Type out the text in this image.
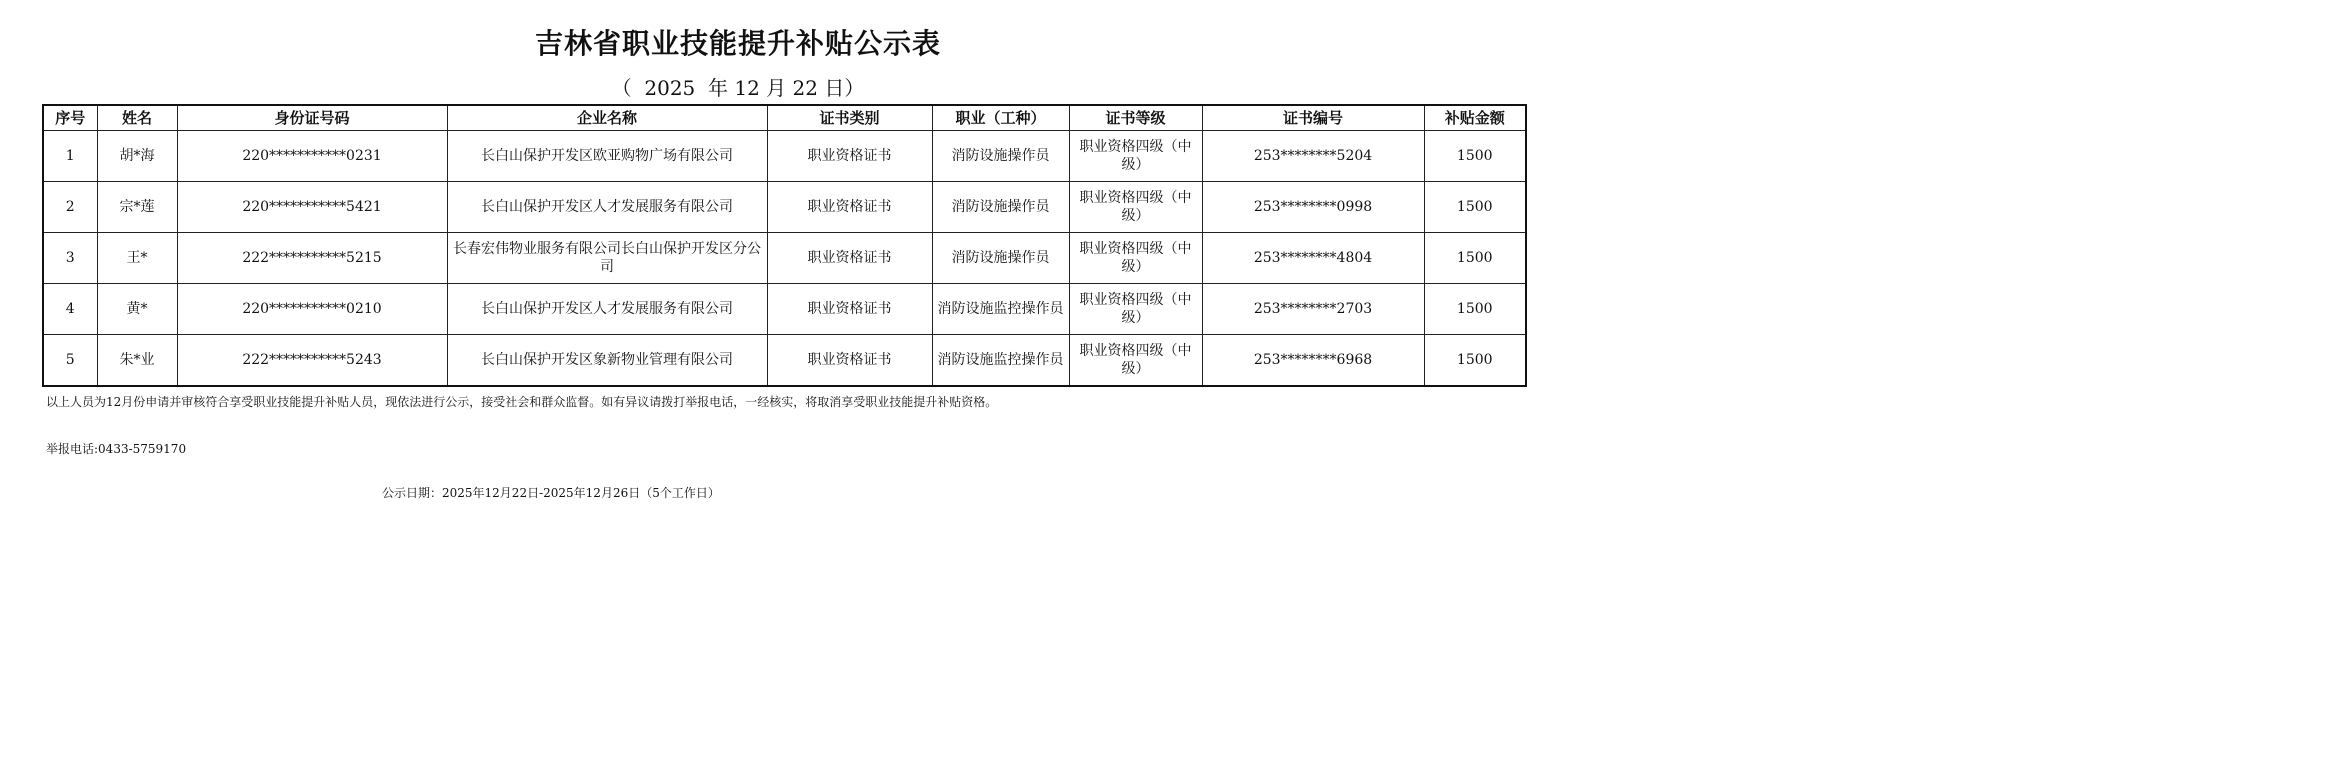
吉林省职业技能提升补贴公示表
（  2025  年 12 月 22 日）
序号	姓名	身份证号码	企业名称	证书类别	职业（工种）	证书等级	证书编号	补贴金额
1	胡*海	220***********0231	长白山保护开发区欧亚购物广场有限公司	职业资格证书	消防设施操作员	职业资格四级（中级）	253********5204	1500
2	宗*莲	220***********5421	长白山保护开发区人才发展服务有限公司	职业资格证书	消防设施操作员	职业资格四级（中级）	253********0998	1500
3	王*	222***********5215	长春宏伟物业服务有限公司长白山保护开发区分公司	职业资格证书	消防设施操作员	职业资格四级（中级）	253********4804	1500
4	黄*	220***********0210	长白山保护开发区人才发展服务有限公司	职业资格证书	消防设施监控操作员	职业资格四级（中级）	253********2703	1500
5	朱*业	222***********5243	长白山保护开发区象新物业管理有限公司	职业资格证书	消防设施监控操作员	职业资格四级（中级）	253********6968	1500
以上人员为12月份申请并审核符合享受职业技能提升补贴人员，现依法进行公示，接受社会和群众监督。如有异议请拨打举报电话，一经核实，将取消享受职业技能提升补贴资格。
举报电话:0433-5759170
公示日期：2025年12月22日-2025年12月26日（5个工作日）
